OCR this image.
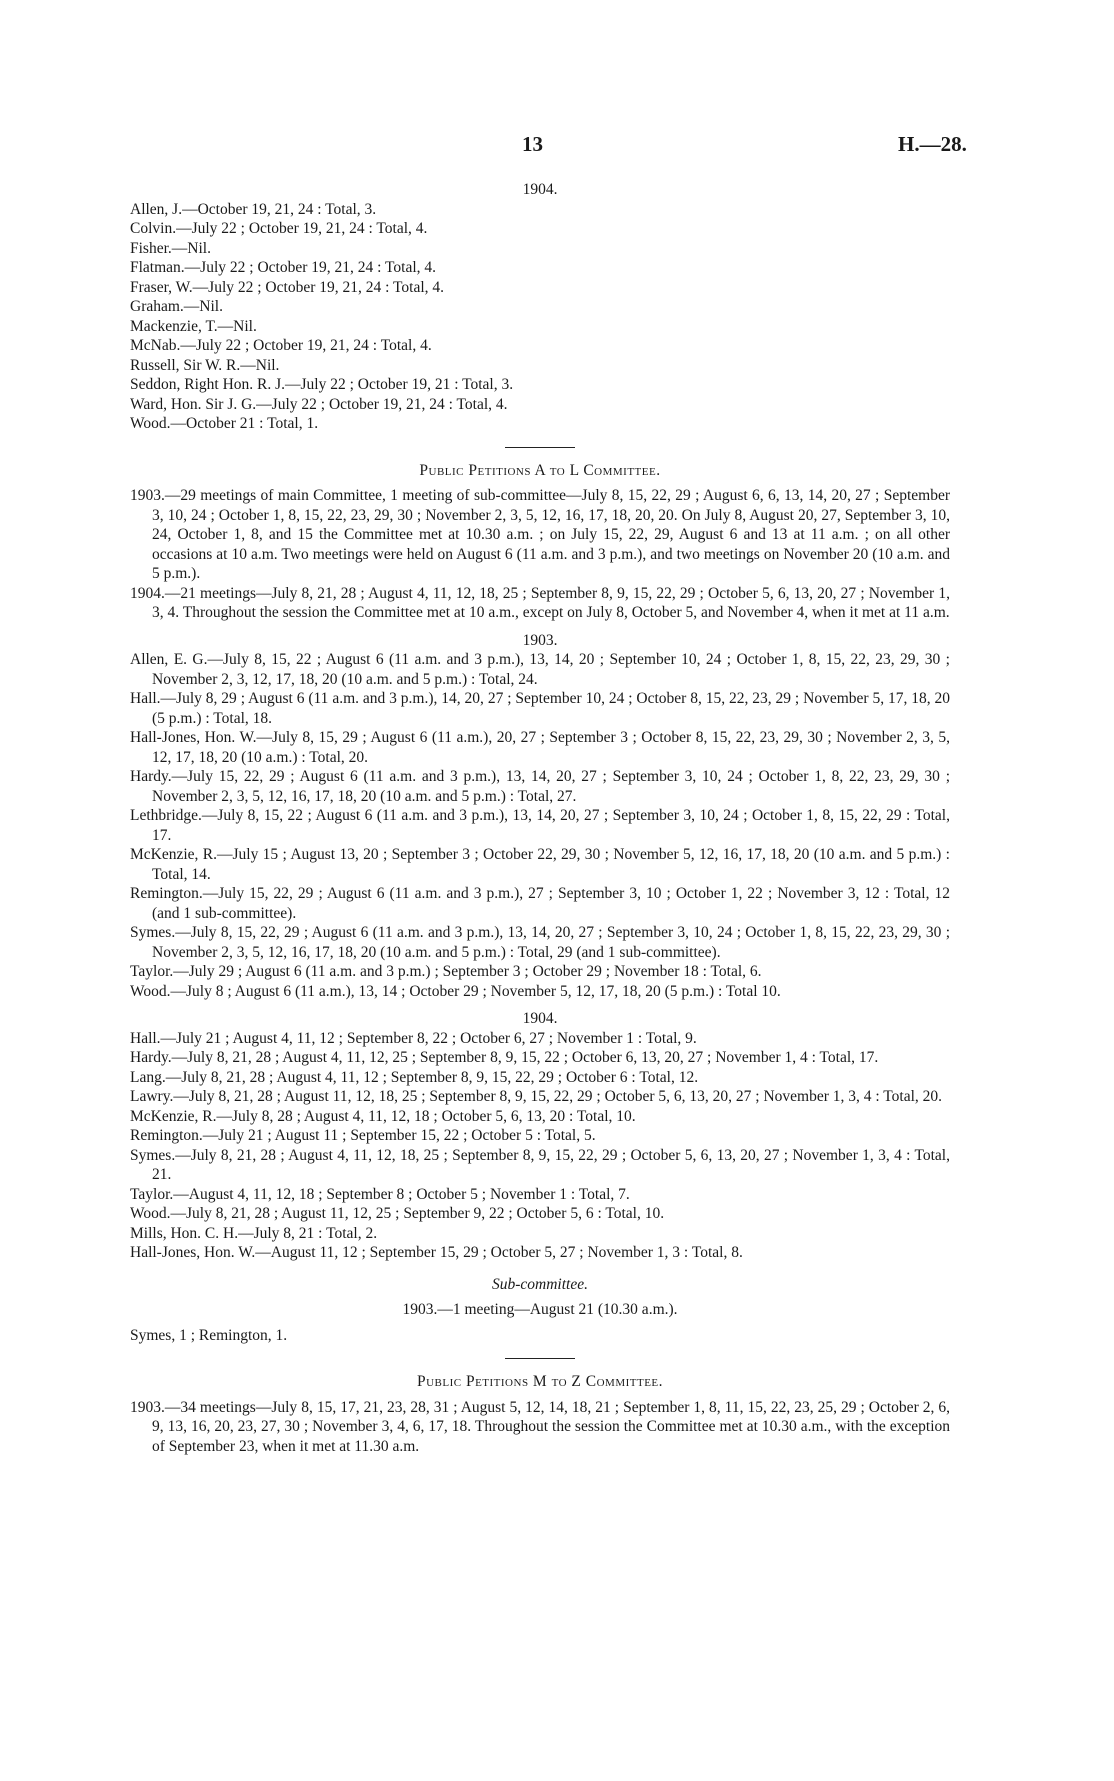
13	H.—28.

1904.

Allen, J.—October 19, 21, 24 : Total, 3.

Colvin.—July 22 ; October 19, 21, 24 : Total, 4.

Fisher.—Nil.

Flatman.—July 22 ; October 19, 21, 24 : Total, 4.

Fraser, W.—July 22 ; October 19, 21, 24 : Total, 4.

Graham.—Nil.

Mackenzie, T.—Nil.

McNab.—July 22 ; October 19, 21, 24 : Total, 4.

Russell, Sir W. R.—Nil.

Seddon, Right Hon. R. J.—July 22 ; October 19, 21 : Total, 3.

Ward, Hon. Sir J. G.—July 22 ; October 19, 21, 24 : Total, 4.

Wood.—October 21 : Total, 1.

Public Petitions A to L Committee.

1903.—29 meetings of main Committee, 1 meeting of sub-committee—July 8, 15, 22, 29 ; August 6, 6, 13, 14, 20, 27 ; September 3, 10, 24 ; October 1, 8, 15, 22, 23, 29, 30 ; November 2, 3, 5, 12, 16, 17, 18, 20, 20. On July 8, August 20, 27, September 3, 10, 24, October 1, 8, and 15 the Committee met at 10.30 a.m. ; on July 15, 22, 29, August 6 and 13 at 11 a.m. ; on all other occasions at 10 a.m. Two meetings were held on August 6 (11 a.m. and 3 p.m.), and two meetings on November 20 (10 a.m. and 5 p.m.).

1904.—21 meetings—July 8, 21, 28 ; August 4, 11, 12, 18, 25 ; September 8, 9, 15, 22, 29 ; October 5, 6, 13, 20, 27 ; November 1, 3, 4. Throughout the session the Committee met at 10 a.m., except on July 8, October 5, and November 4, when it met at 11 a.m.

1903.

Allen, E. G.—July 8, 15, 22 ; August 6 (11 a.m. and 3 p.m.), 13, 14, 20 ; September 10, 24 ; October 1, 8, 15, 22, 23, 29, 30 ; November 2, 3, 12, 17, 18, 20 (10 a.m. and 5 p.m.) : Total, 24.

Hall.—July 8, 29 ; August 6 (11 a.m. and 3 p.m.), 14, 20, 27 ; September 10, 24 ; October 8, 15, 22, 23, 29 ; November 5, 17, 18, 20 (5 p.m.) : Total, 18.

Hall-Jones, Hon. W.—July 8, 15, 29 ; August 6 (11 a.m.), 20, 27 ; September 3 ; October 8, 15, 22, 23, 29, 30 ; November 2, 3, 5, 12, 17, 18, 20 (10 a.m.) : Total, 20.

Hardy.—July 15, 22, 29 ; August 6 (11 a.m. and 3 p.m.), 13, 14, 20, 27 ; September 3, 10, 24 ; October 1, 8, 22, 23, 29, 30 ; November 2, 3, 5, 12, 16, 17, 18, 20 (10 a.m. and 5 p.m.) : Total, 27.

Lethbridge.—July 8, 15, 22 ; August 6 (11 a.m. and 3 p.m.), 13, 14, 20, 27 ; September 3, 10, 24 ; October 1, 8, 15, 22, 29 : Total, 17.

McKenzie, R.—July 15 ; August 13, 20 ; September 3 ; October 22, 29, 30 ; November 5, 12, 16, 17, 18, 20 (10 a.m. and 5 p.m.) : Total, 14.

Remington.—July 15, 22, 29 ; August 6 (11 a.m. and 3 p.m.), 27 ; September 3, 10 ; October 1, 22 ; November 3, 12 : Total, 12 (and 1 sub-committee).

Symes.—July 8, 15, 22, 29 ; August 6 (11 a.m. and 3 p.m.), 13, 14, 20, 27 ; September 3, 10, 24 ; October 1, 8, 15, 22, 23, 29, 30 ; November 2, 3, 5, 12, 16, 17, 18, 20 (10 a.m. and 5 p.m.) : Total, 29 (and 1 sub-committee).

Taylor.—July 29 ; August 6 (11 a.m. and 3 p.m.) ; September 3 ; October 29 ; November 18 : Total, 6.

Wood.—July 8 ; August 6 (11 a.m.), 13, 14 ; October 29 ; November 5, 12, 17, 18, 20 (5 p.m.) : Total 10.

1904.

Hall.—July 21 ; August 4, 11, 12 ; September 8, 22 ; October 6, 27 ; November 1 : Total, 9.

Hardy.—July 8, 21, 28 ; August 4, 11, 12, 25 ; September 8, 9, 15, 22 ; October 6, 13, 20, 27 ; November 1, 4 : Total, 17.

Lang.—July 8, 21, 28 ; August 4, 11, 12 ; September 8, 9, 15, 22, 29 ; October 6 : Total, 12.

Lawry.—July 8, 21, 28 ; August 11, 12, 18, 25 ; September 8, 9, 15, 22, 29 ; October 5, 6, 13, 20, 27 ; November 1, 3, 4 : Total, 20.

McKenzie, R.—July 8, 28 ; August 4, 11, 12, 18 ; October 5, 6, 13, 20 : Total, 10.

Remington.—July 21 ; August 11 ; September 15, 22 ; October 5 : Total, 5.

Symes.—July 8, 21, 28 ; August 4, 11, 12, 18, 25 ; September 8, 9, 15, 22, 29 ; October 5, 6, 13, 20, 27 ; November 1, 3, 4 : Total, 21.

Taylor.—August 4, 11, 12, 18 ; September 8 ; October 5 ; November 1 : Total, 7.

Wood.—July 8, 21, 28 ; August 11, 12, 25 ; September 9, 22 ; October 5, 6 : Total, 10.

Mills, Hon. C. H.—July 8, 21 : Total, 2.

Hall-Jones, Hon. W.—August 11, 12 ; September 15, 29 ; October 5, 27 ; November 1, 3 : Total, 8.

Sub-committee.

1903.—1 meeting—August 21 (10.30 a.m.).

Symes, 1 ; Remington, 1.

Public Petitions M to Z Committee.

1903.—34 meetings—July 8, 15, 17, 21, 23, 28, 31 ; August 5, 12, 14, 18, 21 ; September 1, 8, 11, 15, 22, 23, 25, 29 ; October 2, 6, 9, 13, 16, 20, 23, 27, 30 ; November 3, 4, 6, 17, 18. Throughout the session the Committee met at 10.30 a.m., with the exception of September 23, when it met at 11.30 a.m.
